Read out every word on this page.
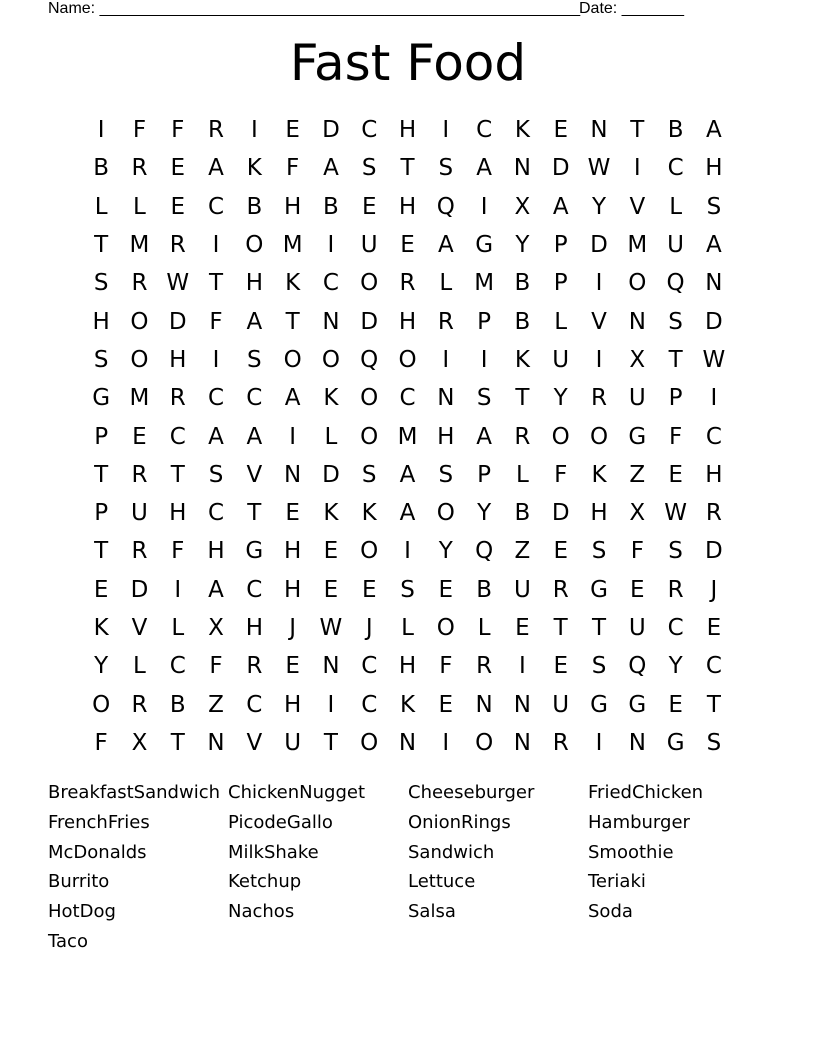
Name: ______________________________________________________
Date: _______
Fast Food
I	F	F	R	I	E D C H	I	C K	E N T	B A
B R	E	A K	F	A	S	T	S	A N D W	I	C H
L	L	E C B H B	E H Q	I	X A	Y	V	L	S
T M R	I	O M	I	U E	A G Y	P D M U A
S	R W T H K C O R	L M B	P	I	O Q N
H O D F	A	T N D H R	P	B	L	V N S D
S O H	I	S O O Q O	I	I	K U	I	X	T W
G M R C C A K O C N S	T	Y	R U P	I
P	E C A A	I	L O M H A R O O G F	C
T	R	T	S	V N D S	A	S	P	L	F	K Z	E H
P U H C	T	E	K	K A O Y	B D H X W R
T	R	F	H G H E O	I	Y Q Z	E	S	F	S D
E D	I	A C H E	E	S	E	B U R G E	R	J
K V	L	X H	J	W	J	L O L	E	T	T U C	E
Y	L	C	F	R	E N C H	F	R	I	E	S Q Y	C
O R B Z C H	I	C K	E N N U G G E	T
F	X	T N V U T O N	I	O N R	I	N G S
BreakfastSandwich ChickenNugget	Cheeseburger	FriedChicken
FrenchFries	PicodeGallo	OnionRings	Hamburger
McDonalds	MilkShake	Sandwich	Smoothie
Burrito	Ketchup	Lettuce	Teriaki
HotDog	Nachos	Salsa	Soda
Taco
